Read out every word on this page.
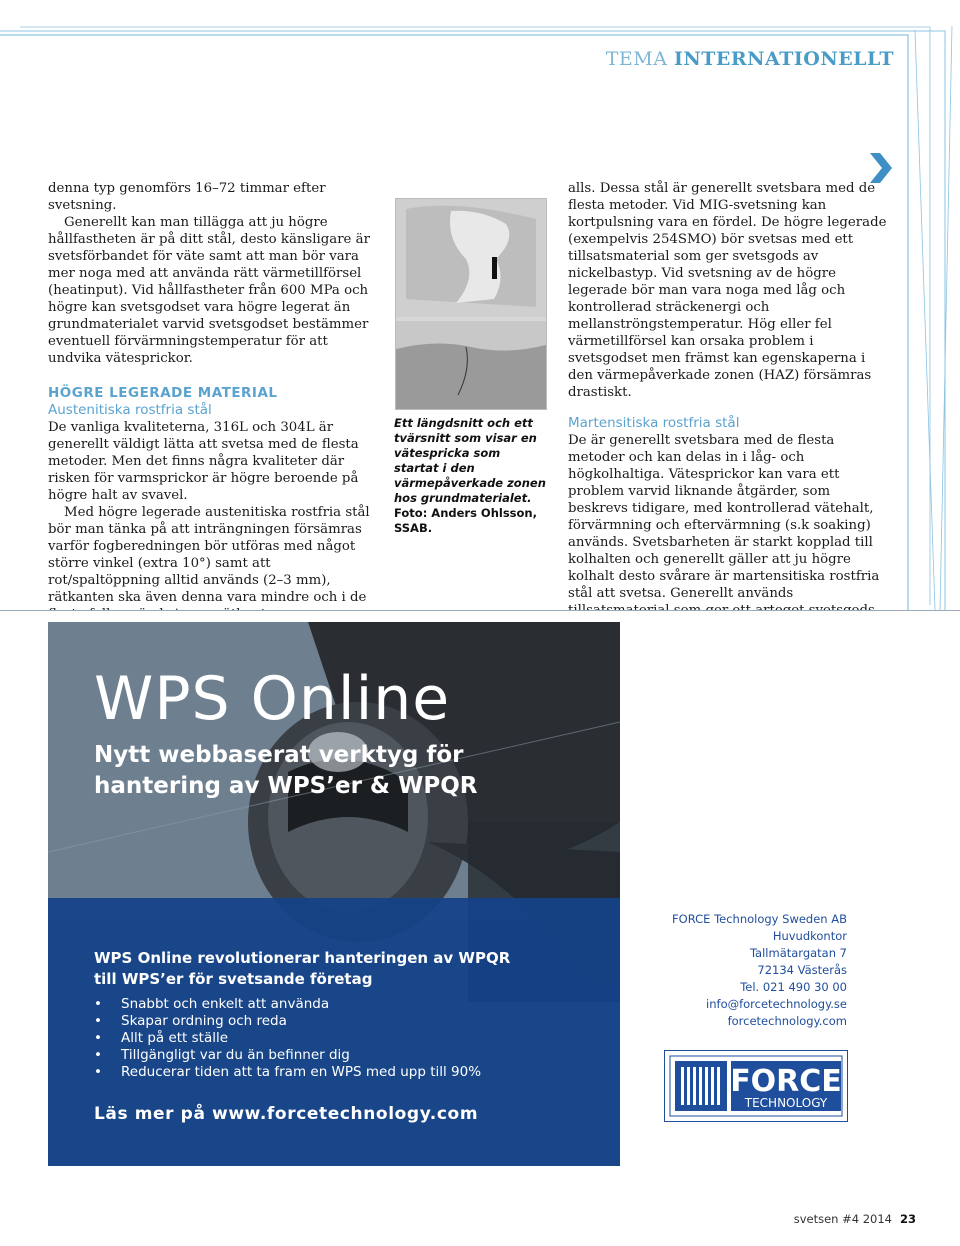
TEMA INTERNATIONELLT

denna typ genomförs 16–72 timmar efter svetsning.

Generellt kan man tillägga att ju högre hållfastheten är på ditt stål, desto känsligare är svetsförbandet för väte samt att man bör vara mer noga med att använda rätt värmetillförsel (heatinput). Vid hållfastheter från 600 MPa och högre kan svetsgodset vara högre legerat än grundmaterialet varvid svetsgodset bestämmer eventuell förvärmningstemperatur för att undvika vätesprickor.

HÖGRE LEGERADE MATERIAL
Austenitiska rostfria stål

De vanliga kvaliteterna, 316L och 304L är generellt väldigt lätta att svetsa med de flesta metoder. Men det finns några kvaliteter där risken för varmsprickor är högre beroende på högre halt av svavel.

Med högre legerade austenitiska rostfria stål bör man tänka på att inträngningen försämras varför fogberedningen bör utföras med något större vinkel (extra 10°) samt att rot/spaltöppning alltid används (2–3 mm), rätkanten ska även denna vara mindre och i de

Ett längdsnitt och ett tvärsnitt som visar en vätespricka som startat i den värmepåverkade zonen hos grundmaterialet. Foto: Anders Ohlsson, SSAB.

alls. Dessa stål är generellt svetsbara med de flesta metoder. Vid MIG-svetsning kan kortpulsning vara en fördel. De högre legerade (exempelvis 254SMO) bör svetsas med ett tillsatsmaterial som ger svetsgods av nickelbastyp. Vid svetsning av de högre legerade bör man vara noga med låg och kontrollerad sträckenergi och mellanströngstemperatur. Hög eller fel värmetillförsel kan orsaka problem i svetsgodset men främst kan egenskaperna i den värmepåverkade zonen (HAZ) försämras drastiskt.

Martensitiska rostfria stål

De är generellt svetsbara med de flesta metoder och kan delas in i låg- och högkolhaltiga. Vätesprickor kan vara ett problem varvid liknande åtgärder, som beskrevs tidigare, med kontrollerad vätehalt, förvärmning och eftervärmning (s.k soaking) används. Svetsbarheten är starkt kopplad till kolhalten och generellt gäller att ju högre kolhalt desto svårare är martensitiska rostfria stål att svetsa. Generellt används

WPS Online
Nytt webbaserat verktyg för hantering av WPS’er & WPQR
WPS Online revolutionerar hanteringen av WPQR till WPS’er för svetsande företag
• Snabbt och enkelt att använda
• Skapar ordning och reda
• Allt på ett ställe
• Tillgängligt var du än befinner dig
• Reducerar tiden att ta fram en WPS med upp till 90%
Läs mer på www.forcetechnology.com
FORCE Technology Sweden AB
Huvudkontor
Tallmätargatan 7
72134 Västerås
Tel. 021 490 30 00
info@forcetechnology.se
forcetechnology.com
FORCE
TECHNOLOGY
svetsen #4 2014 23
